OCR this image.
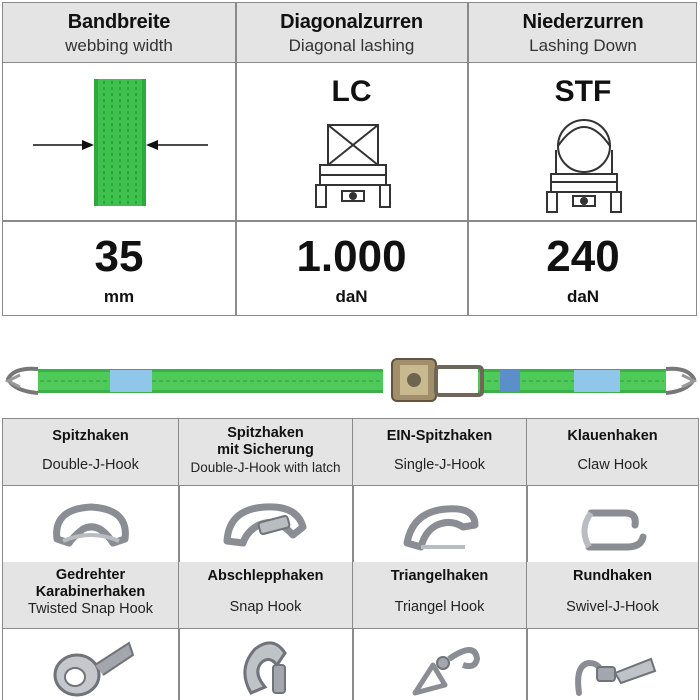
Bandbreite
webbing width
35
mm
Diagonalzurren
Diagonal lashing
LC
1.000
daN
Niederzurren
Lashing Down
STF
240
daN
Spitzhaken
Double-J-Hook
Spitzhaken
mit Sicherung
Double-J-Hook with latch
EIN-Spitzhaken
Single-J-Hook
Klauenhaken
Claw Hook
Gedrehter
Karabinerhaken
Twisted Snap Hook
Abschlepphaken
Snap Hook
Triangelhaken
Triangel Hook
Rundhaken
Swivel-J-Hook
